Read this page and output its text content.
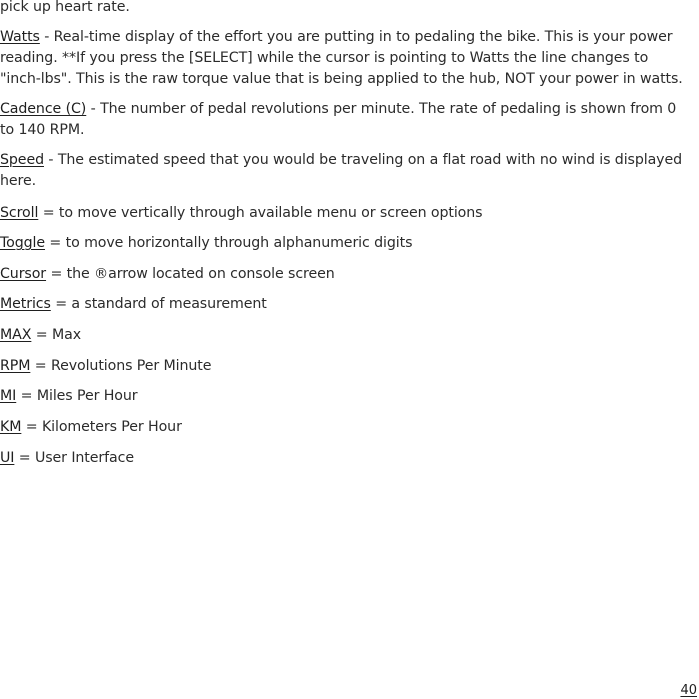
pick up heart rate.
Watts - Real-time display of the effort you are putting in to pedaling the bike. This is your power
reading. **If you press the [SELECT] while the cursor is pointing to Watts the line changes to
"inch-lbs". This is the raw torque value that is being applied to the hub, NOT your power in watts.
Cadence (C) - The number of pedal revolutions per minute. The rate of pedaling is shown from 0
to 140 RPM.
Speed - The estimated speed that you would be traveling on a flat road with no wind is displayed
here.
Scroll = to move vertically through available menu or screen options
Toggle = to move horizontally through alphanumeric digits
Cursor = the ®arrow located on console screen
Metrics = a standard of measurement
MAX = Max
RPM = Revolutions Per Minute
MI = Miles Per Hour
KM = Kilometers Per Hour
UI = User Interface
40
